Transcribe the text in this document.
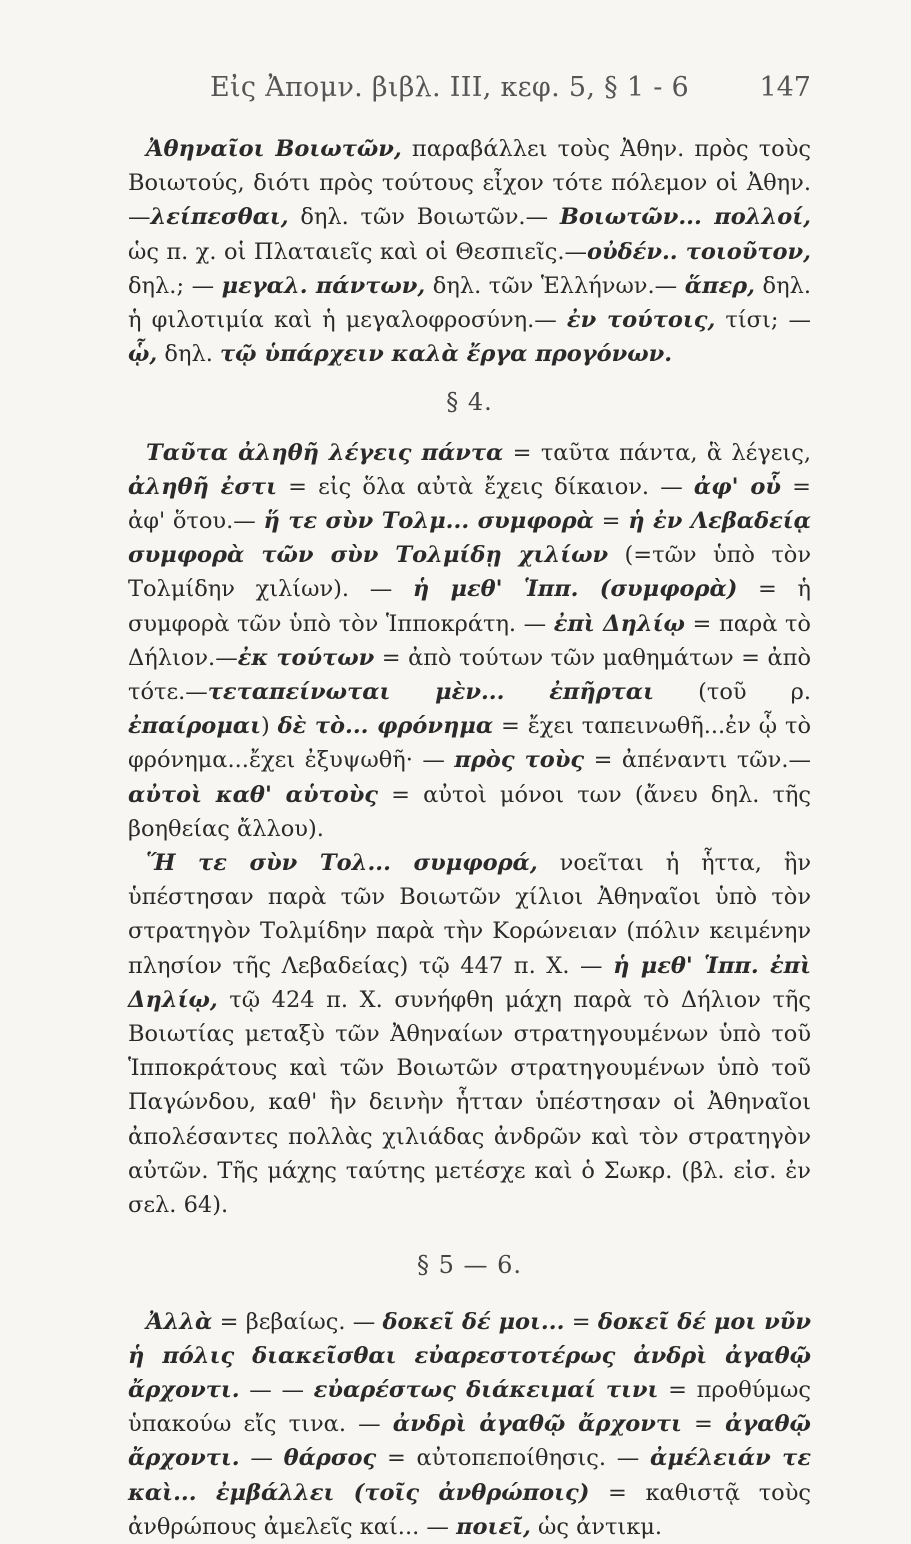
Εἰς Ἀπομν. βιβλ. ΙΙΙ, κεφ. 5, § 1 - 6	147

Ἀθηναῖοι Βοιωτῶν, παραβάλλει τοὺς Ἀθην. πρὸς τοὺς Βοιωτούς, διότι πρὸς τούτους εἶχον τότε πόλεμον οἱ Ἀθην.—λείπεσθαι, δηλ. τῶν Βοιωτῶν.— Βοιωτῶν... πολλοί, ὡς π. χ. οἱ Πλαταιεῖς καὶ οἱ Θεσπιεῖς.—οὐδέν.. τοιοῦτον, δηλ.; — μεγαλ. πάντων, δηλ. τῶν Ἑλλήνων.— ἅπερ, δηλ. ἡ φιλοτιμία καὶ ἡ μεγαλοφροσύνη.— ἐν τούτοις, τίσι; — ᾧ, δηλ. τῷ ὑπάρχειν καλὰ ἔργα προγόνων.

§ 4.

Ταῦτα ἀληθῆ λέγεις πάντα = ταῦτα πάντα, ἃ λέγεις, ἀληθῆ ἐστι = εἰς ὅλα αὐτὰ ἔχεις δίκαιον. — ἀφ' οὗ = ἀφ' ὅτου.— ἥ τε σὺν Τολμ... συμφορὰ = ἡ ἐν Λεβαδείᾳ συμφορὰ τῶν σὺν Τολμίδῃ χιλίων (=τῶν ὑπὸ τὸν Τολμίδην χιλίων). — ἡ μεθ' Ἱππ. (συμφορὰ) = ἡ συμφορὰ τῶν ὑπὸ τὸν Ἱπποκράτη. — ἐπὶ Δηλίῳ = παρὰ τὸ Δήλιον.—ἐκ τούτων = ἀπὸ τούτων τῶν μαθημάτων = ἀπὸ τότε.—τεταπείνωται μὲν... ἐπῆρται (τοῦ ρ. ἐπαίρομαι) δὲ τὸ... φρόνημα = ἔχει ταπεινωθῆ...ἐν ᾧ τὸ φρόνημα...ἔχει ἐξυψωθῆ· — πρὸς τοὺς = ἀπέναντι τῶν.— αὐτοὶ καθ' αὑτοὺς = αὐτοὶ μόνοι των (ἄνευ δηλ. τῆς βοηθείας ἄλλου).

Ἥ τε σὺν Τολ... συμφορά, νοεῖται ἡ ἧττα, ἣν ὑπέστησαν παρὰ τῶν Βοιωτῶν χίλιοι Ἀθηναῖοι ὑπὸ τὸν στρατηγὸν Τολμίδην παρὰ τὴν Κορώνειαν (πόλιν κειμένην πλησίον τῆς Λεβαδείας) τῷ 447 π. Χ. — ἡ μεθ' Ἱππ. ἐπὶ Δηλίῳ, τῷ 424 π. Χ. συνήφθη μάχη παρὰ τὸ Δήλιον τῆς Βοιωτίας μεταξὺ τῶν Ἀθηναίων στρατηγουμένων ὑπὸ τοῦ Ἱπποκράτους καὶ τῶν Βοιωτῶν στρατηγουμένων ὑπὸ τοῦ Παγώνδου, καθ' ἣν δεινὴν ἧτταν ὑπέστησαν οἱ Ἀθηναῖοι ἀπολέσαντες πολλὰς χιλιάδας ἀνδρῶν καὶ τὸν στρατηγὸν αὐτῶν. Τῆς μάχης ταύτης μετέσχε καὶ ὁ Σωκρ. (βλ. εἰσ. ἐν σελ. 64).

§ 5 — 6.

Ἀλλὰ = βεβαίως. — δοκεῖ δέ μοι... = δοκεῖ δέ μοι νῦν ἡ πόλις διακεῖσθαι εὐαρεστοτέρως ἀνδρὶ ἀγαθῷ ἄρχοντι. — — εὐαρέστως διάκειμαί τινι = προθύμως ὑπακούω εἴς τινα. — ἀνδρὶ ἀγαθῷ ἄρχοντι = ἀγαθῷ ἄρχοντι. — θάρσος = αὐτοπεποίθησις. — ἀμέλειάν τε καὶ... ἐμβάλλει (τοῖς ἀνθρώποις) = καθιστᾷ τοὺς ἀνθρώπους ἀμελεῖς καί... — ποιεῖ, ὡς ἀντικμ.
